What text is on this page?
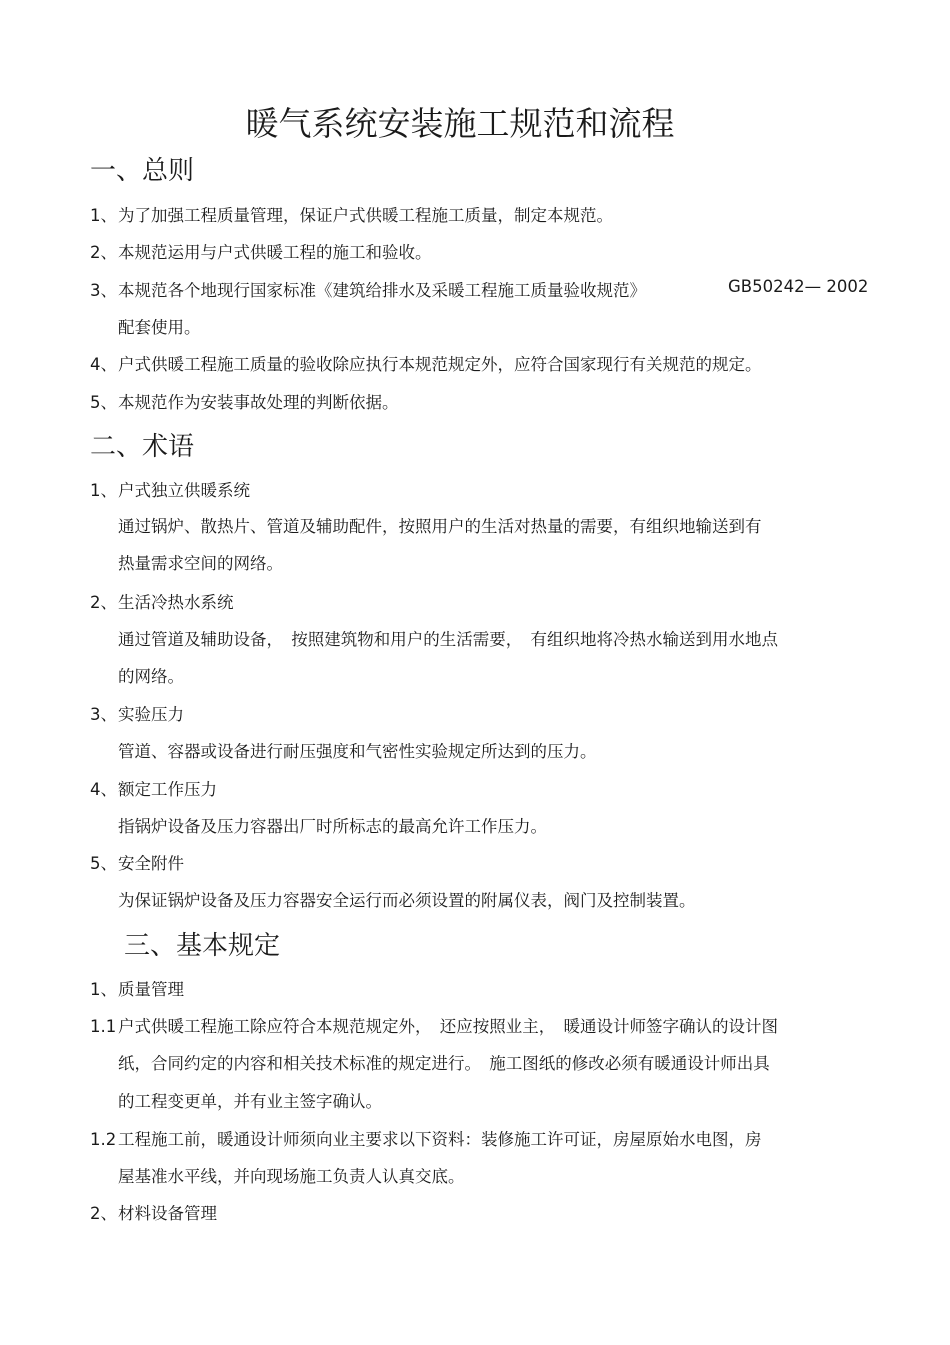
暖气系统安装施工规范和流程
一、总则
1、为了加强工程质量管理，保证户式供暖工程施工质量，制定本规范。
2、本规范运用与户式供暖工程的施工和验收。
3、本规范各个地现行国家标准《建筑给排水及采暖工程施工质量验收规范》	GB50242— 2002
配套使用。
4、户式供暖工程施工质量的验收除应执行本规范规定外，应符合国家现行有关规范的规定。
5、本规范作为安装事故处理的判断依据。
二、术语
1、户式独立供暖系统
通过锅炉、散热片、管道及辅助配件，按照用户的生活对热量的需要，有组织地输送到有
热量需求空间的网络。
2、生活冷热水系统
通过管道及辅助设备，　按照建筑物和用户的生活需要，　有组织地将冷热水输送到用水地点
的网络。
3、实验压力
管道、容器或设备进行耐压强度和气密性实验规定所达到的压力。
4、额定工作压力
指锅炉设备及压力容器出厂时所标志的最高允许工作压力。
5、安全附件
为保证锅炉设备及压力容器安全运行而必须设置的附属仪表，阀门及控制装置。
三、基本规定
1、质量管理
1.1 户式供暖工程施工除应符合本规范规定外，　还应按照业主，　暖通设计师签字确认的设计图
纸，合同约定的内容和相关技术标准的规定进行。　施工图纸的修改必须有暖通设计师出具
的工程变更单，并有业主签字确认。
1.2 工程施工前，暖通设计师须向业主要求以下资料：装修施工许可证，房屋原始水电图，房
屋基准水平线，并向现场施工负责人认真交底。
2、材料设备管理
